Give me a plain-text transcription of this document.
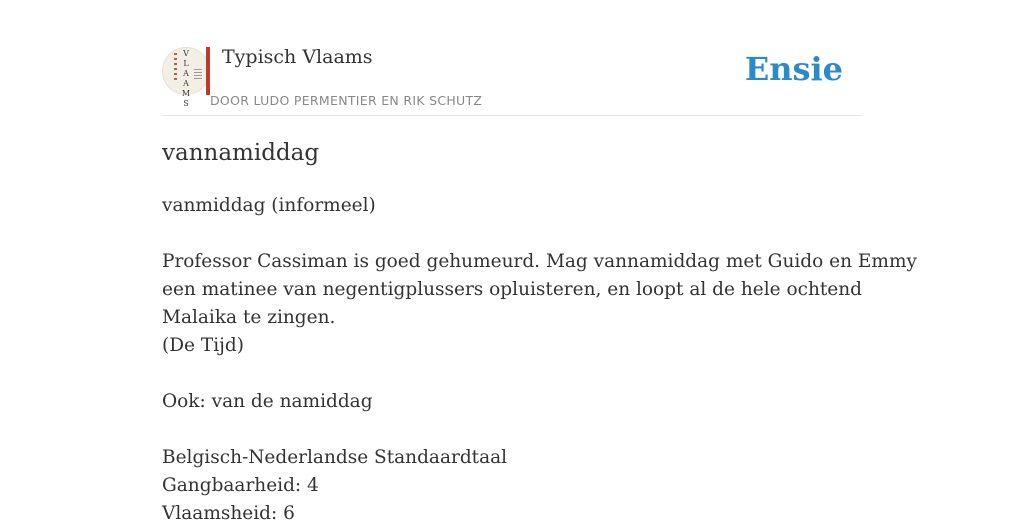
V
L
A
A
M
S
Typisch Vlaams
DOOR LUDO PERMENTIER EN RIK SCHUTZ
Ensie
vannamiddag
vanmiddag (informeel)
Professor Cassiman is goed gehumeurd. Mag vannamiddag met Guido en Emmy
een matinee van negentigplussers opluisteren, en loopt al de hele ochtend
Malaika te zingen.
(De Tijd)
Ook: van de namiddag
Belgisch-Nederlandse Standaardtaal
Gangbaarheid: 4
Vlaamsheid: 6
